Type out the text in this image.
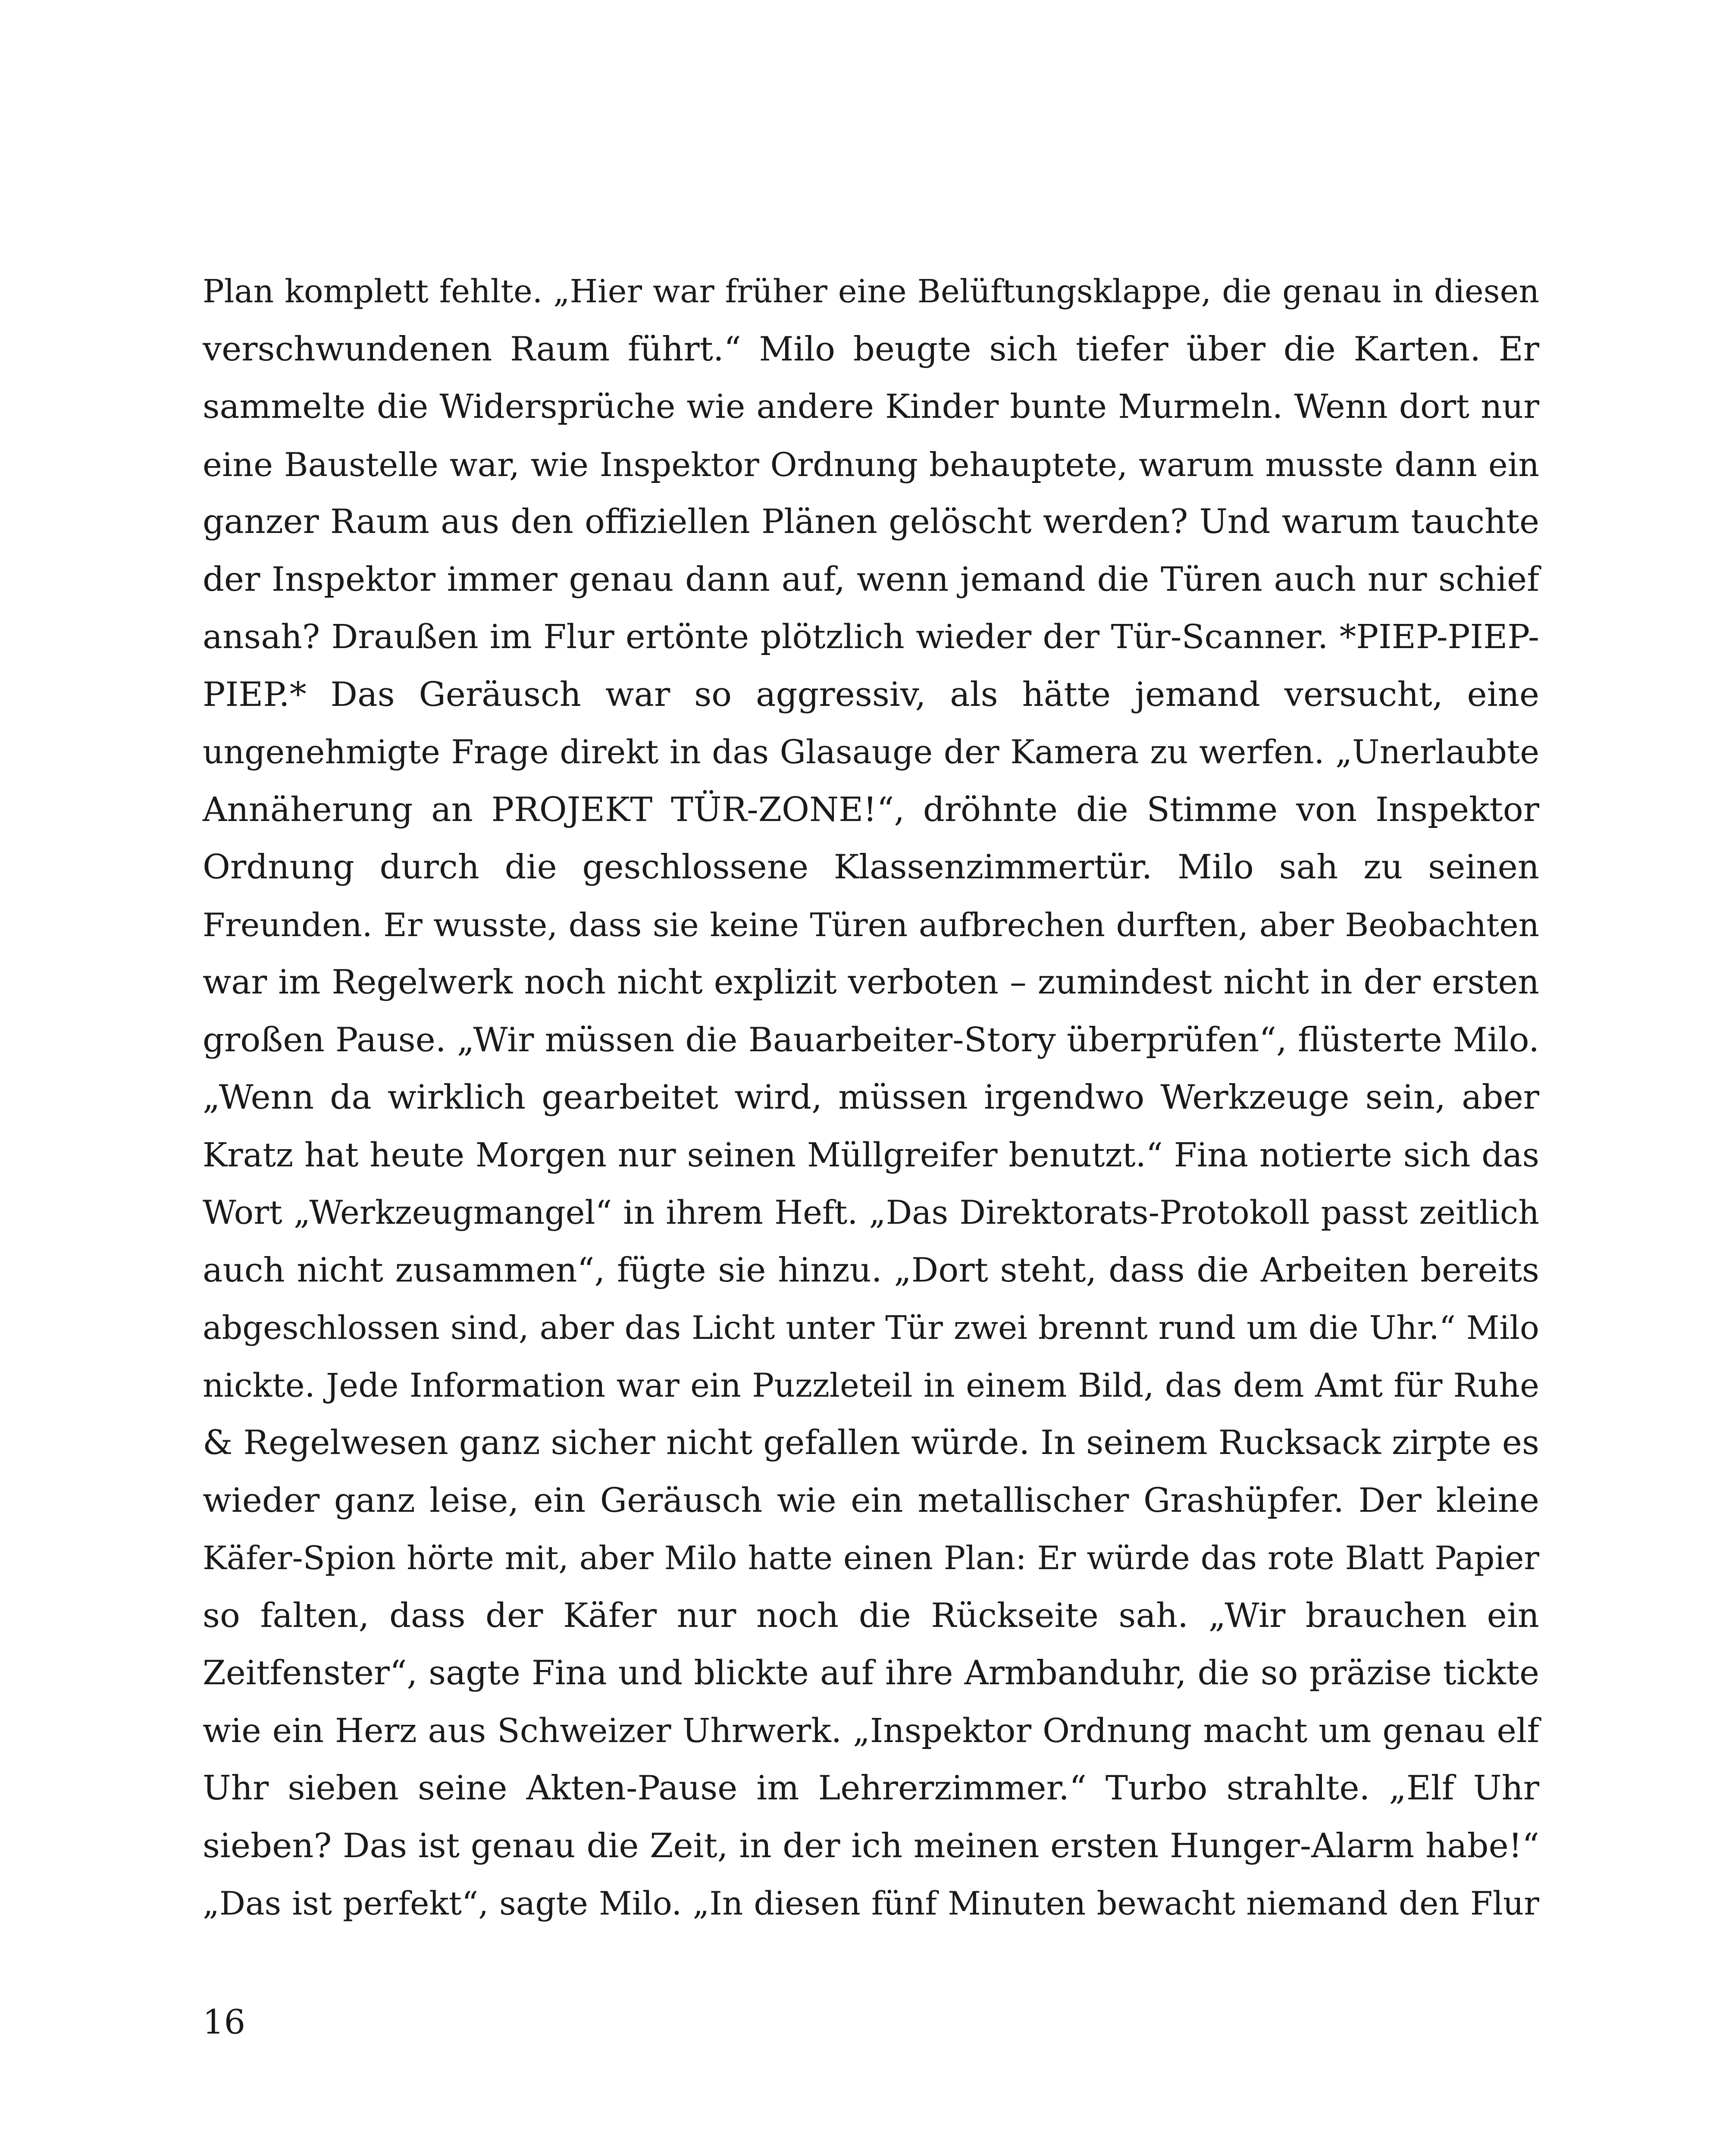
Plan komplett fehlte. „Hier war früher eine Belüftungsklappe, die genau in diesen
verschwundenen Raum führt.“ Milo beugte sich tiefer über die Karten. Er
sammelte die Widersprüche wie andere Kinder bunte Murmeln. Wenn dort nur
eine Baustelle war, wie Inspektor Ordnung behauptete, warum musste dann ein
ganzer Raum aus den offiziellen Plänen gelöscht werden? Und warum tauchte
der Inspektor immer genau dann auf, wenn jemand die Türen auch nur schief
ansah? Draußen im Flur ertönte plötzlich wieder der Tür-Scanner. *PIEP-PIEP-
PIEP.* Das Geräusch war so aggressiv, als hätte jemand versucht, eine
ungenehmigte Frage direkt in das Glasauge der Kamera zu werfen. „Unerlaubte
Annäherung an PROJEKT TÜR-ZONE!“, dröhnte die Stimme von Inspektor
Ordnung durch die geschlossene Klassenzimmertür. Milo sah zu seinen
Freunden. Er wusste, dass sie keine Türen aufbrechen durften, aber Beobachten
war im Regelwerk noch nicht explizit verboten – zumindest nicht in der ersten
großen Pause. „Wir müssen die Bauarbeiter-Story überprüfen“, flüsterte Milo.
„Wenn da wirklich gearbeitet wird, müssen irgendwo Werkzeuge sein, aber
Kratz hat heute Morgen nur seinen Müllgreifer benutzt.“ Fina notierte sich das
Wort „Werkzeugmangel“ in ihrem Heft. „Das Direktorats-Protokoll passt zeitlich
auch nicht zusammen“, fügte sie hinzu. „Dort steht, dass die Arbeiten bereits
abgeschlossen sind, aber das Licht unter Tür zwei brennt rund um die Uhr.“ Milo
nickte. Jede Information war ein Puzzleteil in einem Bild, das dem Amt für Ruhe
& Regelwesen ganz sicher nicht gefallen würde. In seinem Rucksack zirpte es
wieder ganz leise, ein Geräusch wie ein metallischer Grashüpfer. Der kleine
Käfer-Spion hörte mit, aber Milo hatte einen Plan: Er würde das rote Blatt Papier
so falten, dass der Käfer nur noch die Rückseite sah. „Wir brauchen ein
Zeitfenster“, sagte Fina und blickte auf ihre Armbanduhr, die so präzise tickte
wie ein Herz aus Schweizer Uhrwerk. „Inspektor Ordnung macht um genau elf
Uhr sieben seine Akten-Pause im Lehrerzimmer.“ Turbo strahlte. „Elf Uhr
sieben? Das ist genau die Zeit, in der ich meinen ersten Hunger-Alarm habe!“
„Das ist perfekt“, sagte Milo. „In diesen fünf Minuten bewacht niemand den Flur
16
